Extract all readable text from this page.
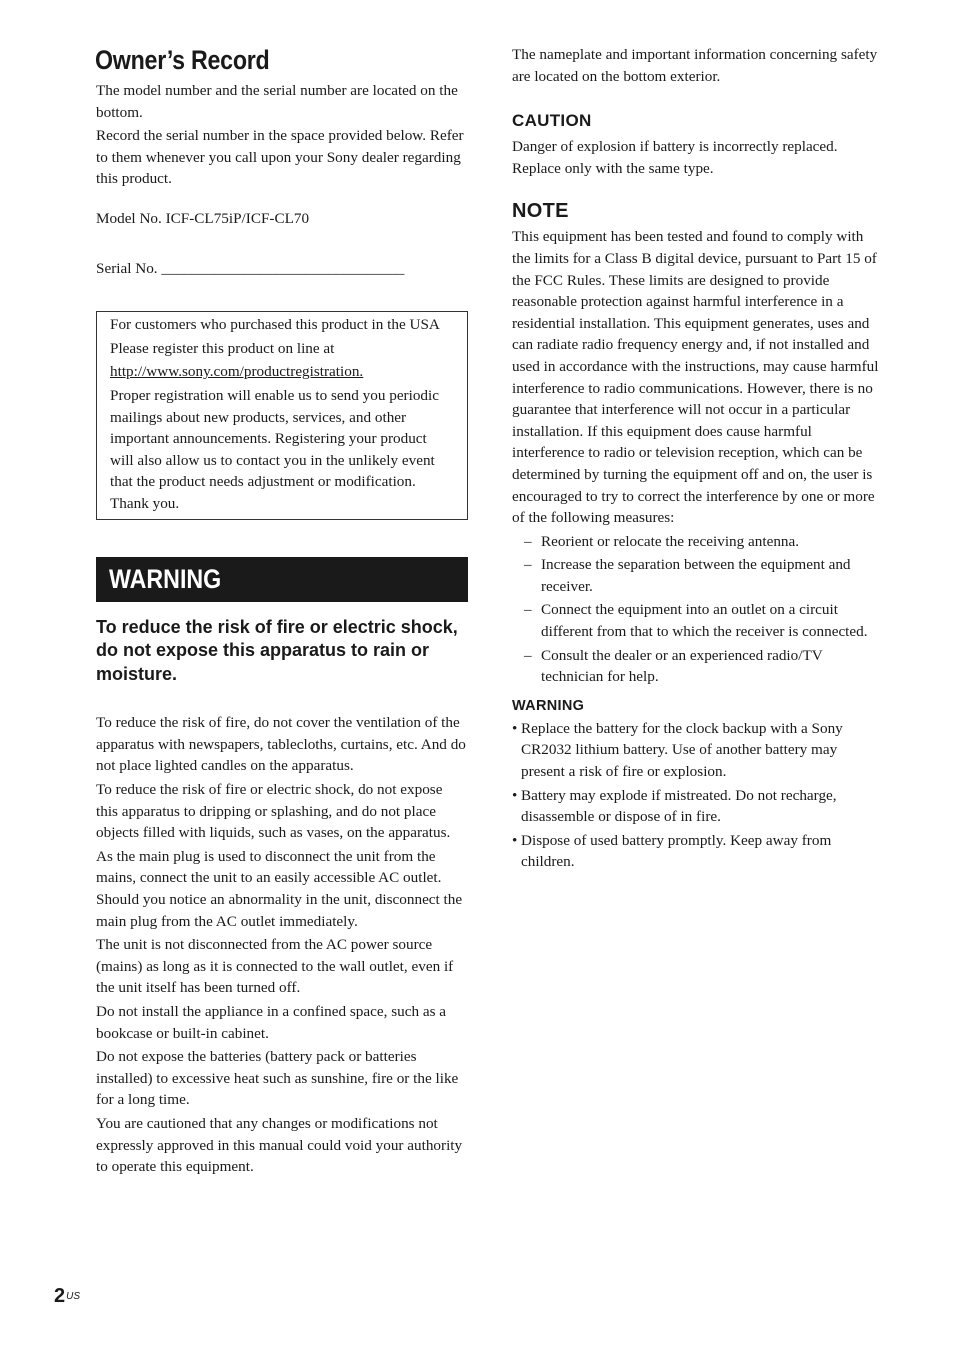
Owner’s Record

The model number and the serial number are located on the bottom.

Record the serial number in the space provided below. Refer to them whenever you call upon your Sony dealer regarding this product.

Model No. ICF-CL75iP/ICF-CL70

Serial No. ________________________________

For customers who purchased this product in the USA

Please register this product on line at

http://www.sony.com/productregistration.

Proper registration will enable us to send you periodic mailings about new products, services, and other important announcements. Registering your product will also allow us to contact you in the unlikely event that the product needs adjustment or modification. Thank you.

WARNING
To reduce the risk of fire or electric shock, do not expose this apparatus to rain or moisture.

To reduce the risk of fire, do not cover the ventilation of the apparatus with newspapers, tablecloths, curtains, etc. And do not place lighted candles on the apparatus.

To reduce the risk of fire or electric shock, do not expose this apparatus to dripping or splashing, and do not place objects filled with liquids, such as vases, on the apparatus.

As the main plug is used to disconnect the unit from the mains, connect the unit to an easily accessible AC outlet. Should you notice an abnormality in the unit, disconnect the main plug from the AC outlet immediately.

The unit is not disconnected from the AC power source (mains) as long as it is connected to the wall outlet, even if the unit itself has been turned off.

Do not install the appliance in a confined space, such as a bookcase or built-in cabinet.

Do not expose the batteries (battery pack or batteries installed) to excessive heat such as sunshine, fire or the like for a long time.

You are cautioned that any changes or modifications not expressly approved in this manual could void your authority to operate this equipment.

The nameplate and important information concerning safety are located on the bottom exterior.

CAUTION

Danger of explosion if battery is incorrectly replaced. Replace only with the same type.

NOTE

This equipment has been tested and found to comply with the limits for a Class B digital device, pursuant to Part 15 of the FCC Rules. These limits are designed to provide reasonable protection against harmful interference in a residential installation. This equipment generates, uses and can radiate radio frequency energy and, if not installed and used in accordance with the instructions, may cause harmful interference to radio communications. However, there is no guarantee that interference will not occur in a particular installation. If this equipment does cause harmful interference to radio or television reception, which can be determined by turning the equipment off and on, the user is encouraged to try to correct the interference by one or more of the following measures:

– Reorient or relocate the receiving antenna.
– Increase the separation between the equipment and receiver.
– Connect the equipment into an outlet on a circuit different from that to which the receiver is connected.
– Consult the dealer or an experienced radio/TV technician for help.
WARNING
• Replace the battery for the clock backup with a Sony CR2032 lithium battery. Use of another battery may present a risk of fire or explosion.
• Battery may explode if mistreated. Do not recharge, disassemble or dispose of in fire.
• Dispose of used battery promptly. Keep away from children.
$2^{US}$
